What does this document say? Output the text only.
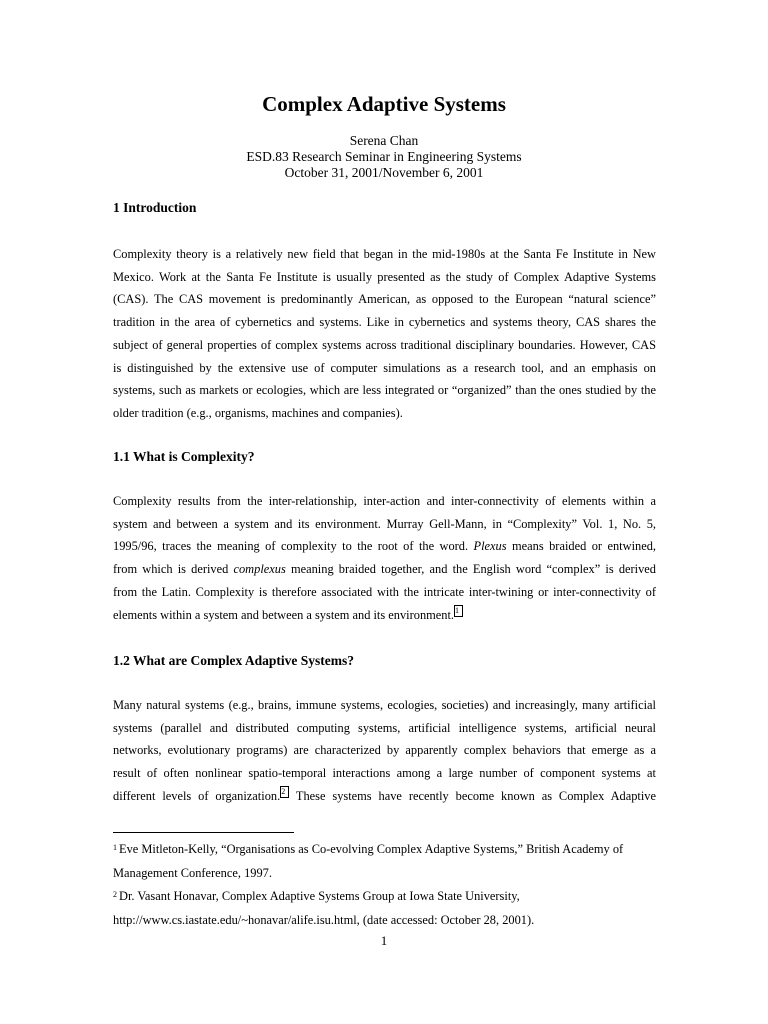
Complex Adaptive Systems
Serena Chan
ESD.83 Research Seminar in Engineering Systems
October 31, 2001/November 6, 2001
1 Introduction
Complexity theory is a relatively new field that began in the mid-1980s at the Santa Fe Institute in New
Mexico. Work at the Santa Fe Institute is usually presented as the study of Complex Adaptive Systems
(CAS). The CAS movement is predominantly American, as opposed to the European “natural science”
tradition in the area of cybernetics and systems. Like in cybernetics and systems theory, CAS shares the
subject of general properties of complex systems across traditional disciplinary boundaries. However, CAS
is distinguished by the extensive use of computer simulations as a research tool, and an emphasis on
systems, such as markets or ecologies, which are less integrated or “organized” than the ones studied by the
older tradition (e.g., organisms, machines and companies).
1.1 What is Complexity?
Complexity results from the inter-relationship, inter-action and inter-connectivity of elements within a
system and between a system and its environment. Murray Gell-Mann, in “Complexity” Vol. 1, No. 5,
1995/96, traces the meaning of complexity to the root of the word. Plexus means braided or entwined,
from which is derived complexus meaning braided together, and the English word “complex” is derived
from the Latin. Complexity is therefore associated with the intricate inter-twining or inter-connectivity of
elements within a system and between a system and its environment.1
1.2 What are Complex Adaptive Systems?
Many natural systems (e.g., brains, immune systems, ecologies, societies) and increasingly, many artificial
systems (parallel and distributed computing systems, artificial intelligence systems, artificial neural
networks, evolutionary programs) are characterized by apparently complex behaviors that emerge as a
result of often nonlinear spatio-temporal interactions among a large number of component systems at
different levels of organization.2 These systems have recently become known as Complex Adaptive
$^1$ Eve Mitleton-Kelly, “Organisations as Co-evolving Complex Adaptive Systems,” British Academy of
Management Conference, 1997.
$^2$ Dr. Vasant Honavar, Complex Adaptive Systems Group at Iowa State University,
http://www.cs.iastate.edu/~honavar/alife.isu.html, (date accessed: October 28, 2001).
1
